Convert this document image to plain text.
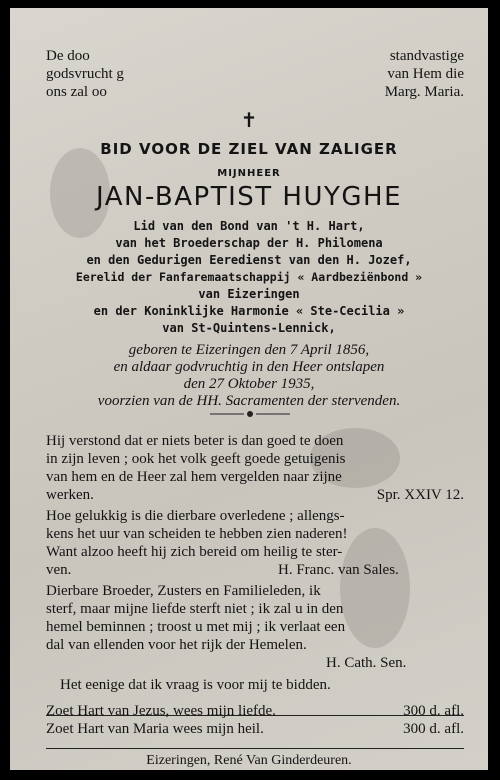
De doo	standvastige
godsvrucht g	van Hem die
ons zal oo	Marg. Maria.
✝
BID VOOR DE ZIEL VAN ZALIGER
MIJNHEER
JAN-BAPTIST HUYGHE
Lid van den Bond van 't H. Hart,
van het Broederschap der H. Philomena
en den Gedurigen Eeredienst van den H. Jozef,
Eerelid der Fanfaremaatschappij « Aardbeziënbond »
van Eizeringen
en der Koninklijke Harmonie « Ste-Cecilia »
van St-Quintens-Lennick,
geboren te Eizeringen den 7 April 1856,
en aldaar godvruchtig in den Heer ontslapen
den 27 Oktober 1935,
voorzien van de HH. Sacramenten der stervenden.
Hij verstond dat er niets beter is dan goed te doen
in zijn leven ; ook het volk geeft goede getuigenis
van hem en de Heer zal hem vergelden naar zijne
werken.	Spr. XXIV 12.
Hoe gelukkig is die dierbare overledene ; allengs-
kens het uur van scheiden te hebben zien naderen!
Want alzoo heeft hij zich bereid om heilig te ster-
ven.	H. Franc. van Sales.
Dierbare Broeder, Zusters en Familieleden, ik
sterf, maar mijne liefde sterft niet ; ik zal u in den
hemel beminnen ; troost u met mij ; ik verlaat een
dal van ellenden voor het rijk der Hemelen.
H. Cath. Sen.
Het eenige dat ik vraag is voor mij te bidden.
Zoet Hart van Jezus, wees mijn liefde.	300 d. afl.
Zoet Hart van Maria wees mijn heil.	300 d. afl.
Eizeringen, René Van Ginderdeuren.
